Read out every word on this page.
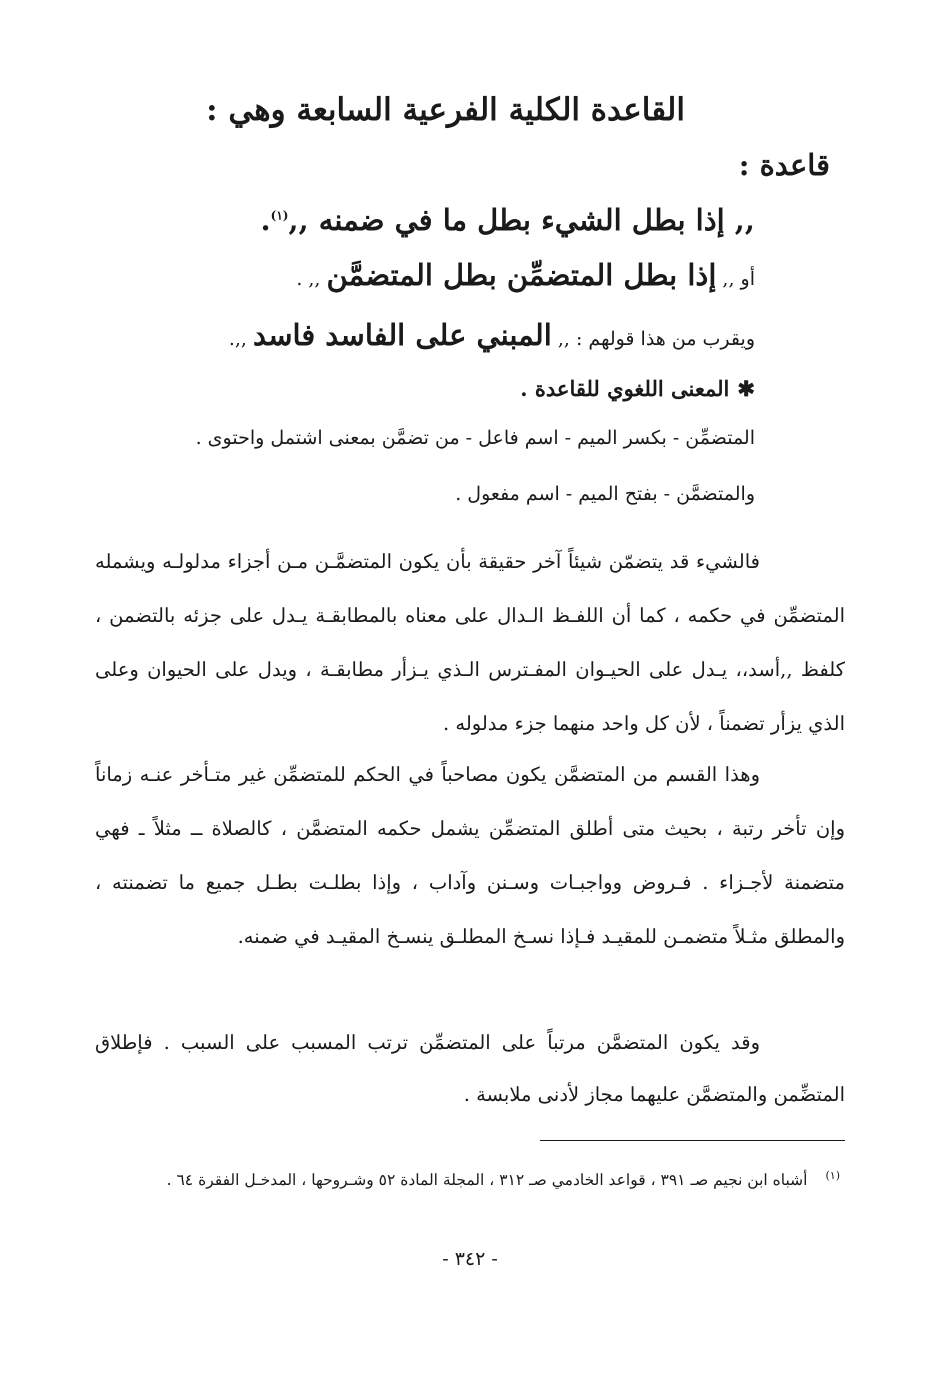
القاعدة الكلية الفرعية السابعة وهي :
قاعدة :
,, إذا بطل الشيء بطل ما في ضمنه ,,$^{(١)}$.
أو ,, إذا بطل المتضمِّن بطل المتضمَّن ,, .
ويقرب من هذا قولهم : ,, المبني على الفاسد فاسد ,,.
✱المعنى اللغوي للقاعدة .
المتضمِّن - بكسر الميم - اسم فاعل - من تضمَّن بمعنى اشتمل واحتوى .
والمتضمَّن - بفتح الميم - اسم مفعول .
فالشيء قد يتضمّن شيئاً آخر حقيقة بأن يكون المتضمَّـن مـن أجزاء مدلولـه ويشمله المتضمِّن في حكمه ، كما أن اللفـظ الـدال على معناه بالمطابقـة يـدل على جزئه بالتضمن ، كلفظ ,,أسد،، يـدل على الحيـوان المفـترس الـذي يـزأر مطابقـة ، ويدل على الحيوان وعلى الذي يزأر تضمناً ، لأن كل واحد منهما جزء مدلوله .
وهذا القسم من المتضمَّن يكون مصاحباً في الحكم للمتضمِّن غير متـأخر عنـه زماناً وإن تأخر رتبة ، بحيث متى أطلق المتضمِّن يشمل حكمه المتضمَّن ، كالصلاة ــ مثلاً ـ فهي متضمنة لأجـزاء . فـروض وواجبـات وسـنن وآداب ، وإذا بطلـت بطـل جميع ما تضمنته ، والمطلق مثـلاً متضمـن للمقيـد فـإذا نسـخ المطلـق ينسـخ المقيـد في ضمنه.
وقد يكون المتضمَّن مرتباً على المتضمِّن ترتب المسبب على السبب . فإطلاق المتضِّمن والمتضمَّن عليهما مجاز لأدنى ملابسة .
$^{(١)}$أشباه ابن نجيم صـ ٣٩١ ، قواعد الخادمي صـ ٣١٢ ، المجلة المادة ٥٢ وشـروحها ، المدخـل الفقرة ٦٤ .
- ٣٤٢ -
